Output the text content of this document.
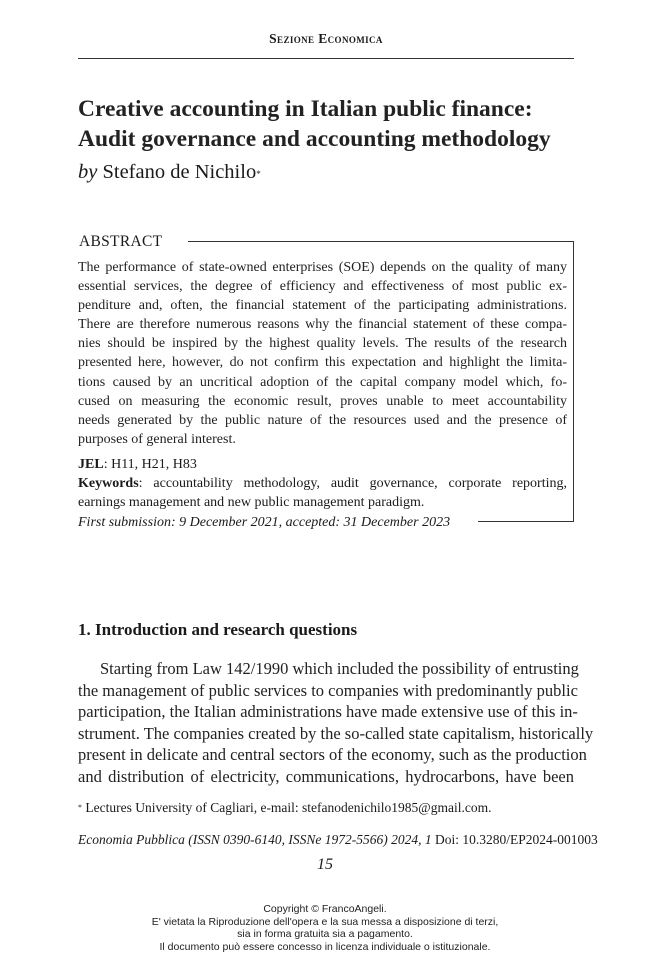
Sezione Economica
Creative accounting in Italian public finance:
Audit governance and accounting methodology
by Stefano de Nichilo*
ABSTRACT
The performance of state-owned enterprises (SOE) depends on the quality of many
essential services, the degree of efficiency and effectiveness of most public ex-
penditure and, often, the financial statement of the participating administrations.
There are therefore numerous reasons why the financial statement of these compa-
nies should be inspired by the highest quality levels. The results of the research
presented here, however, do not confirm this expectation and highlight the limita-
tions caused by an uncritical adoption of the capital company model which, fo-
cused on measuring the economic result, proves unable to meet accountability
needs generated by the public nature of the resources used and the presence of
purposes of general interest.
JEL: H11, H21, H83
Keywords: accountability methodology, audit governance, corporate reporting,
earnings management and new public management paradigm.
First submission: 9 December 2021, accepted: 31 December 2023
1. Introduction and research questions
Starting from Law 142/1990 which included the possibility of entrusting
the management of public services to companies with predominantly public
participation, the Italian administrations have made extensive use of this in-
strument. The companies created by the so-called state capitalism, historically
present in delicate and central sectors of the economy, such as the production
and distribution of electricity, communications, hydrocarbons, have been
* Lectures University of Cagliari, e-mail: stefanodenichilo1985@gmail.com.
Economia Pubblica (ISSN 0390-6140, ISSNe 1972-5566) 2024, 1 Doi: 10.3280/EP2024-001003
15
Copyright © FrancoAngeli.
E' vietata la Riproduzione dell'opera e la sua messa a disposizione di terzi,
sia in forma gratuita sia a pagamento.
Il documento può essere concesso in licenza individuale o istituzionale.
